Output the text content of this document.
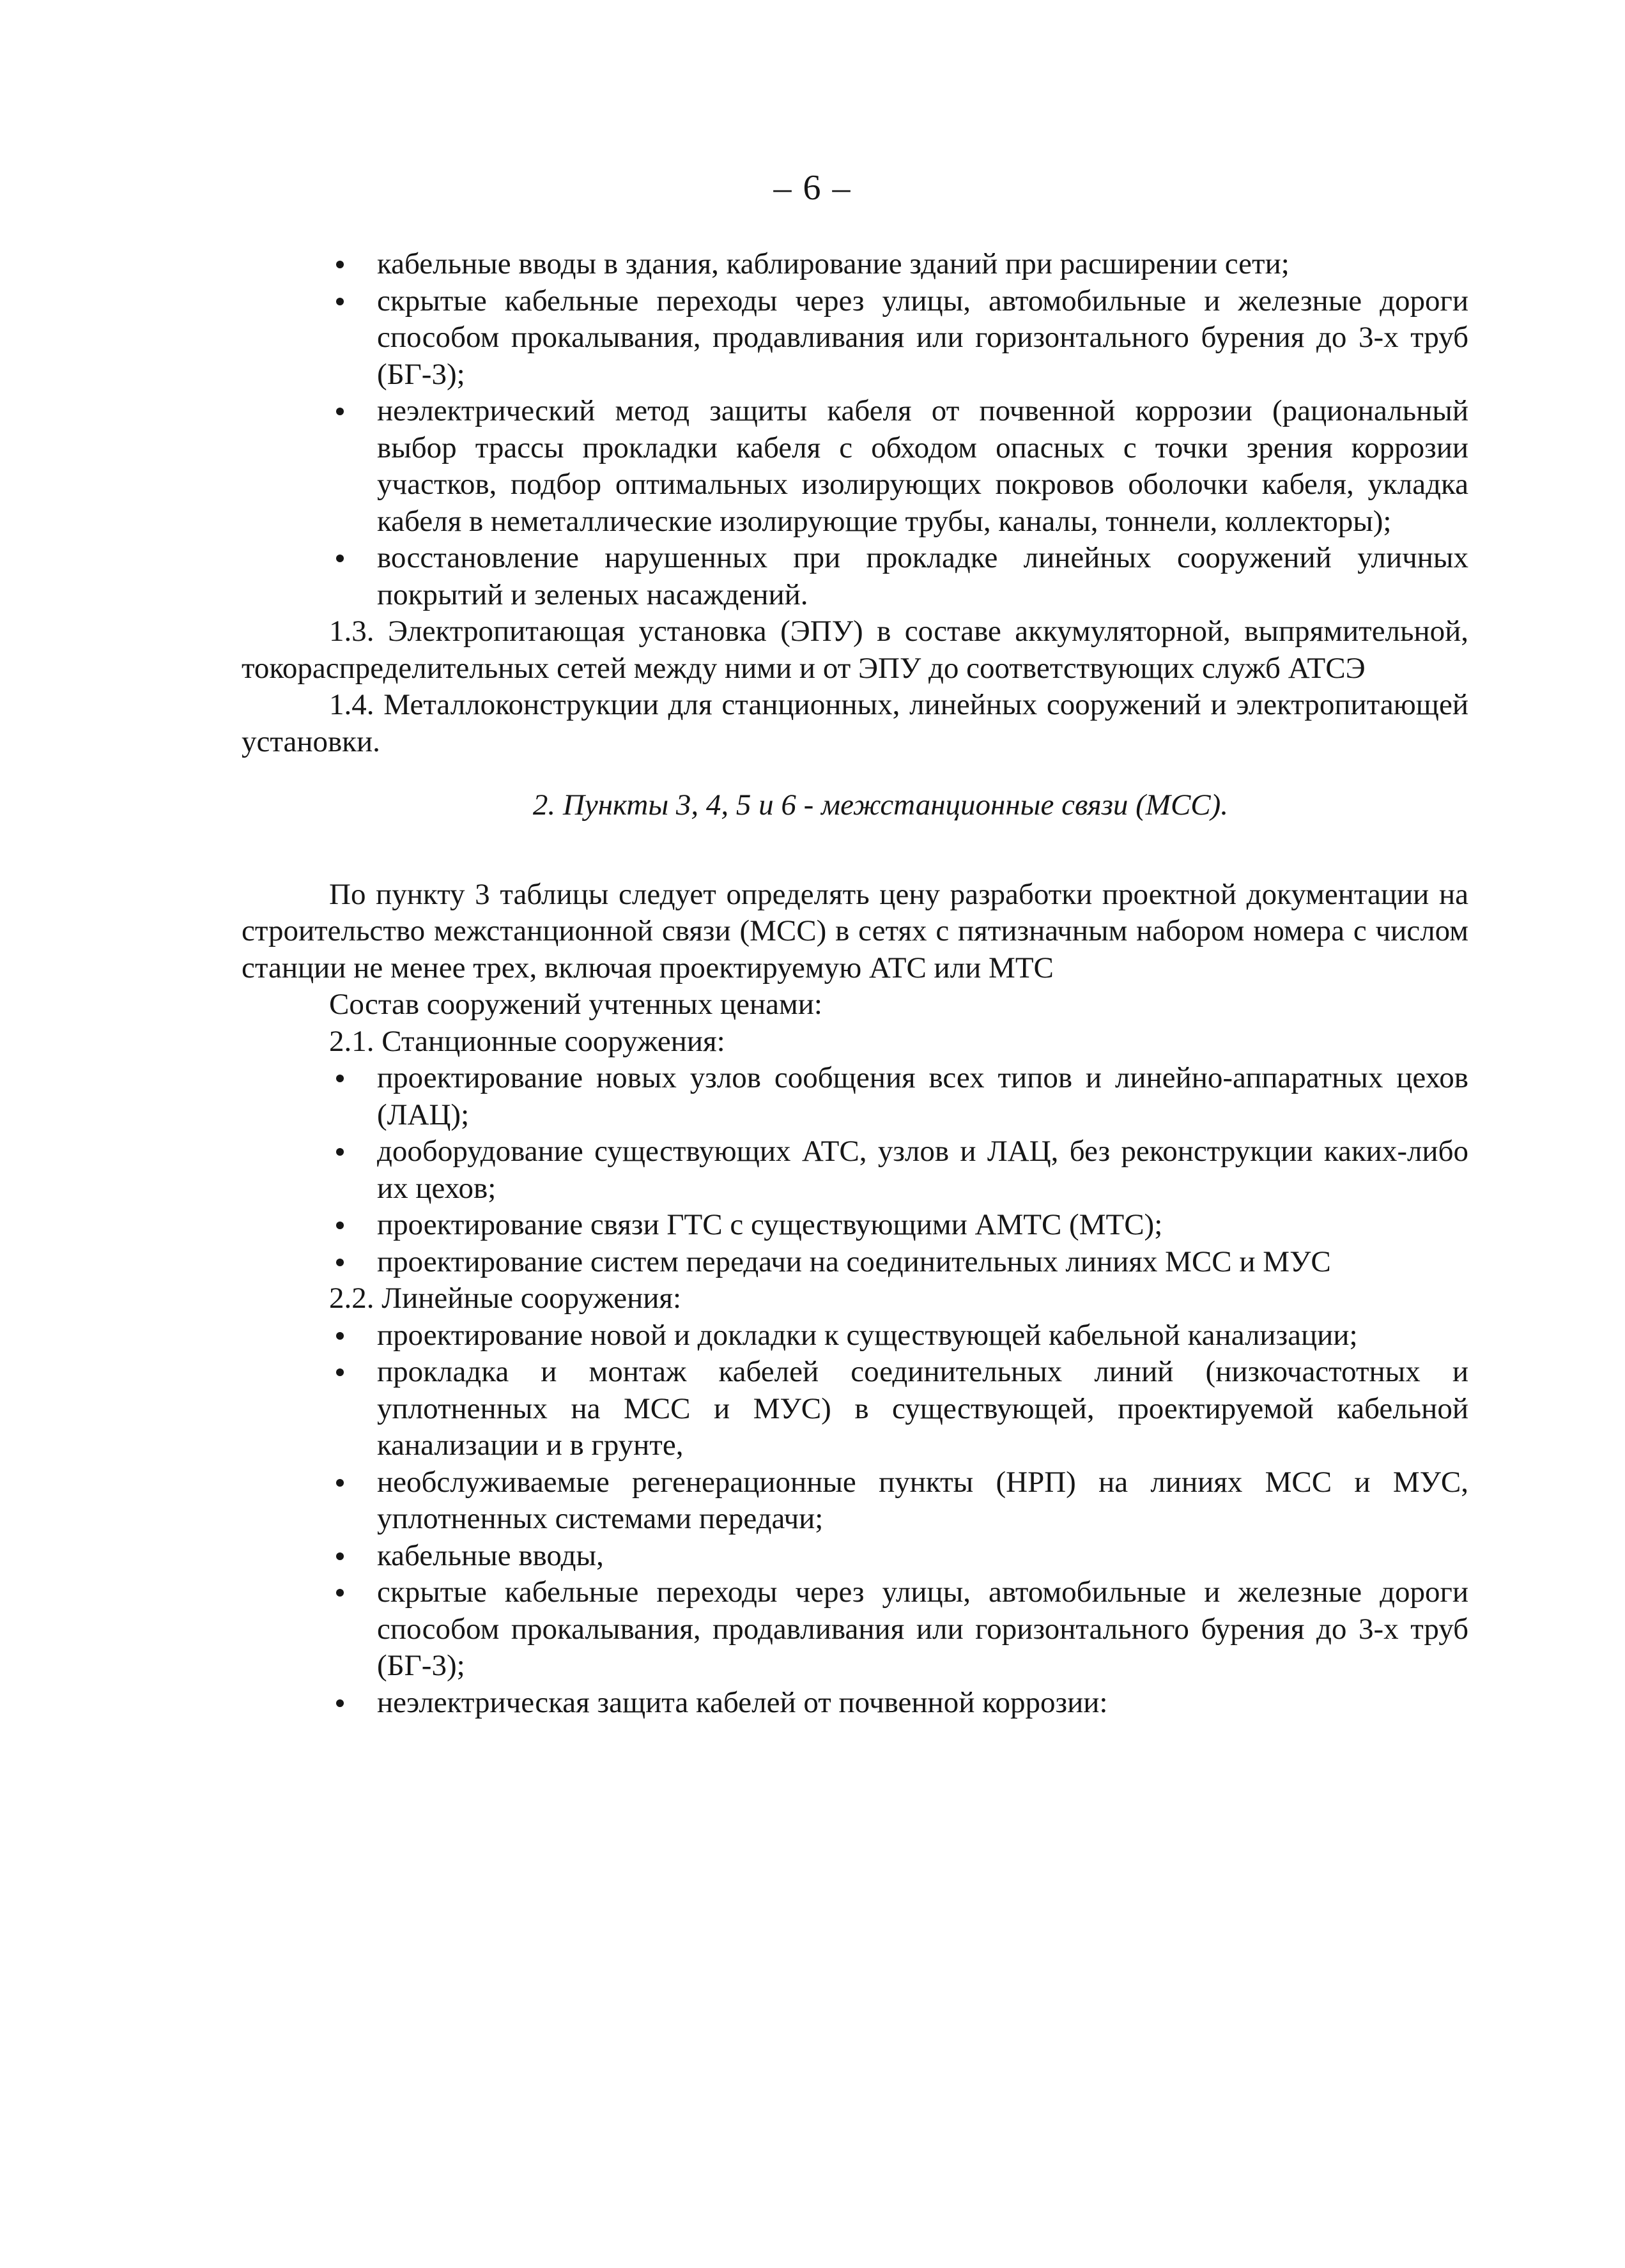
– 6 –
кабельные вводы в здания, каблирование зданий при расширении сети;
скрытые кабельные переходы через улицы, автомобильные и железные дороги способом прокалывания, продавливания или горизонтального бурения до 3-х труб (БГ-3);
неэлектрический метод защиты кабеля от почвенной коррозии (рациональный выбор трассы прокладки кабеля с обходом опасных с точки зрения коррозии участков, подбор оптимальных изолирующих покровов оболочки кабеля, укладка кабеля в неметаллические изолирующие трубы, каналы, тоннели, коллекторы);
восстановление нарушенных при прокладке линейных сооружений уличных покрытий и зеленых насаждений.

1.3. Электропитающая установка (ЭПУ) в составе аккумуляторной, выпрямительной, токораспределительных сетей между ними и от ЭПУ до соответствующих служб АТСЭ

1.4. Металлоконструкции для станционных, линейных сооружений и электропитающей установки.

2. Пункты 3, 4, 5 и 6 - межстанционные связи (МСС).

По пункту 3 таблицы следует определять цену разработки проектной документации на строительство межстанционной связи (МСС) в сетях с пятизначным набором номера с числом станции не менее трех, включая проектируемую АТС или МТС

Состав сооружений учтенных ценами:

2.1. Станционные сооружения:

проектирование новых узлов сообщения всех типов и линейно-аппаратных цехов (ЛАЦ);
дооборудование существующих АТС, узлов и ЛАЦ, без реконструкции каких-либо их цехов;
проектирование связи ГТС с существующими АМТС (МТС);
проектирование систем передачи на соединительных линиях МСС и МУС

2.2. Линейные сооружения:

проектирование новой и докладки к существующей кабельной канализации;
прокладка и монтаж кабелей соединительных линий (низкочастотных и уплотненных на МСС и МУС) в существующей, проектируемой кабельной канализации и в грунте,
необслуживаемые регенерационные пункты (НРП) на линиях МСС и МУС, уплотненных системами передачи;
кабельные вводы,
скрытые кабельные переходы через улицы, автомобильные и железные дороги способом прокалывания, продавливания или горизонтального бурения до 3-х труб (БГ-3);
неэлектрическая защита кабелей от почвенной коррозии:
